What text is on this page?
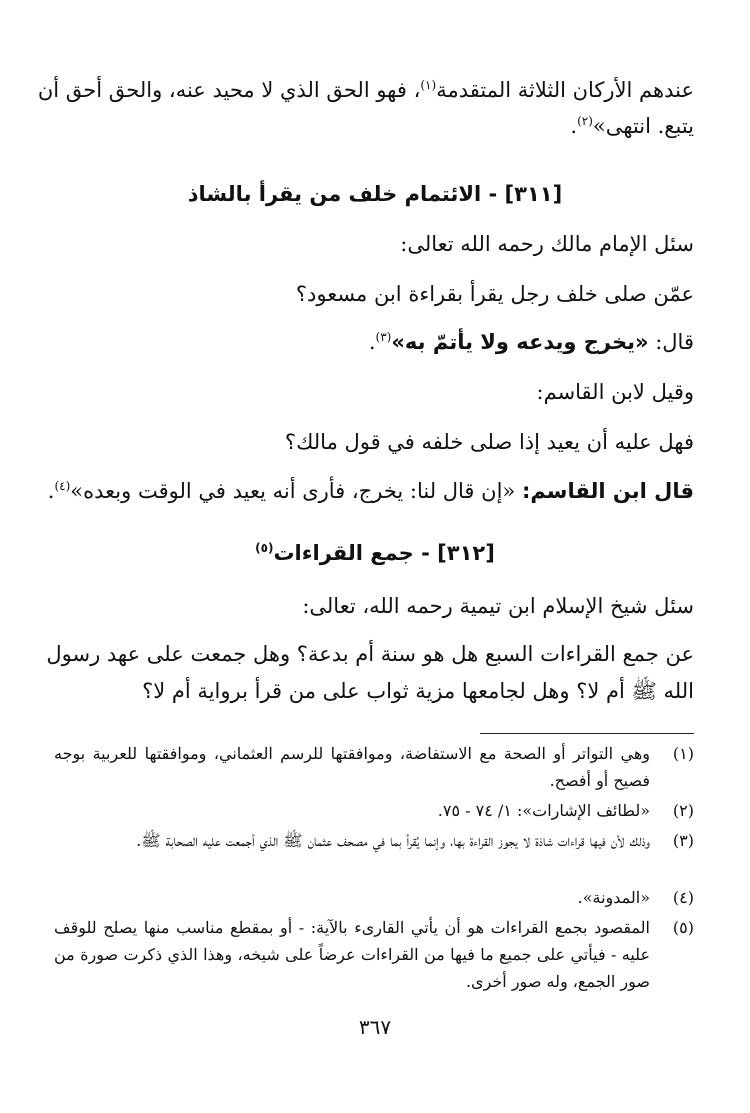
عندهم الأركان الثلاثة المتقدمة$^{(١)}$، فهو الحق الذي لا محيد عنه، والحق أحق أن
يتبع. انتهى»$^{(٢)}$.
[٣١١] - الائتمام خلف من يقرأ بالشاذ
سئل الإمام مالك رحمه الله تعالى:
عمّن صلى خلف رجل يقرأ بقراءة ابن مسعود؟
قال: «يخرج ويدعه ولا يأتمّ به»$^{(٣)}$.
وقيل لابن القاسم:
فهل عليه أن يعيد إذا صلى خلفه في قول مالك؟
قال ابن القاسم: «إن قال لنا: يخرج، فأرى أنه يعيد في الوقت وبعده»$^{(٤)}$.
[٣١٢] - جمع القراءات$^{(٥)}$
سئل شيخ الإسلام ابن تيمية رحمه الله، تعالى:
عن جمع القراءات السبع هل هو سنة أم بدعة؟ وهل جمعت على عهد رسول
الله ﷺ أم لا؟ وهل لجامعها مزية ثواب على من قرأ برواية أم لا؟
(١)
وهي التواتر أو الصحة مع الاستفاضة، وموافقتها للرسم العثماني، وموافقتها للعربية بوجه فصيح أو أفصح.
(٢)
«لطائف الإشارات»: ١/ ٧٤ - ٧٥.
(٣)
وذلك لأن فيها قراءات شاذة لا يجوز القراءة بها، وإنما يُقرأ بما في مصحف عثمان ﷺ الذي أجمعت عليه الصحابة ﷺ.
(٤)
«المدونة».
(٥)
المقصود بجمع القراءات هو أن يأتي القارىء بالآية: - أو بمقطع مناسب منها يصلح للوقف عليه - فيأتي على جميع ما فيها من القراءات عرضاً على شيخه، وهذا الذي ذكرت صورة من صور الجمع، وله صور أخرى.
٣٦٧
